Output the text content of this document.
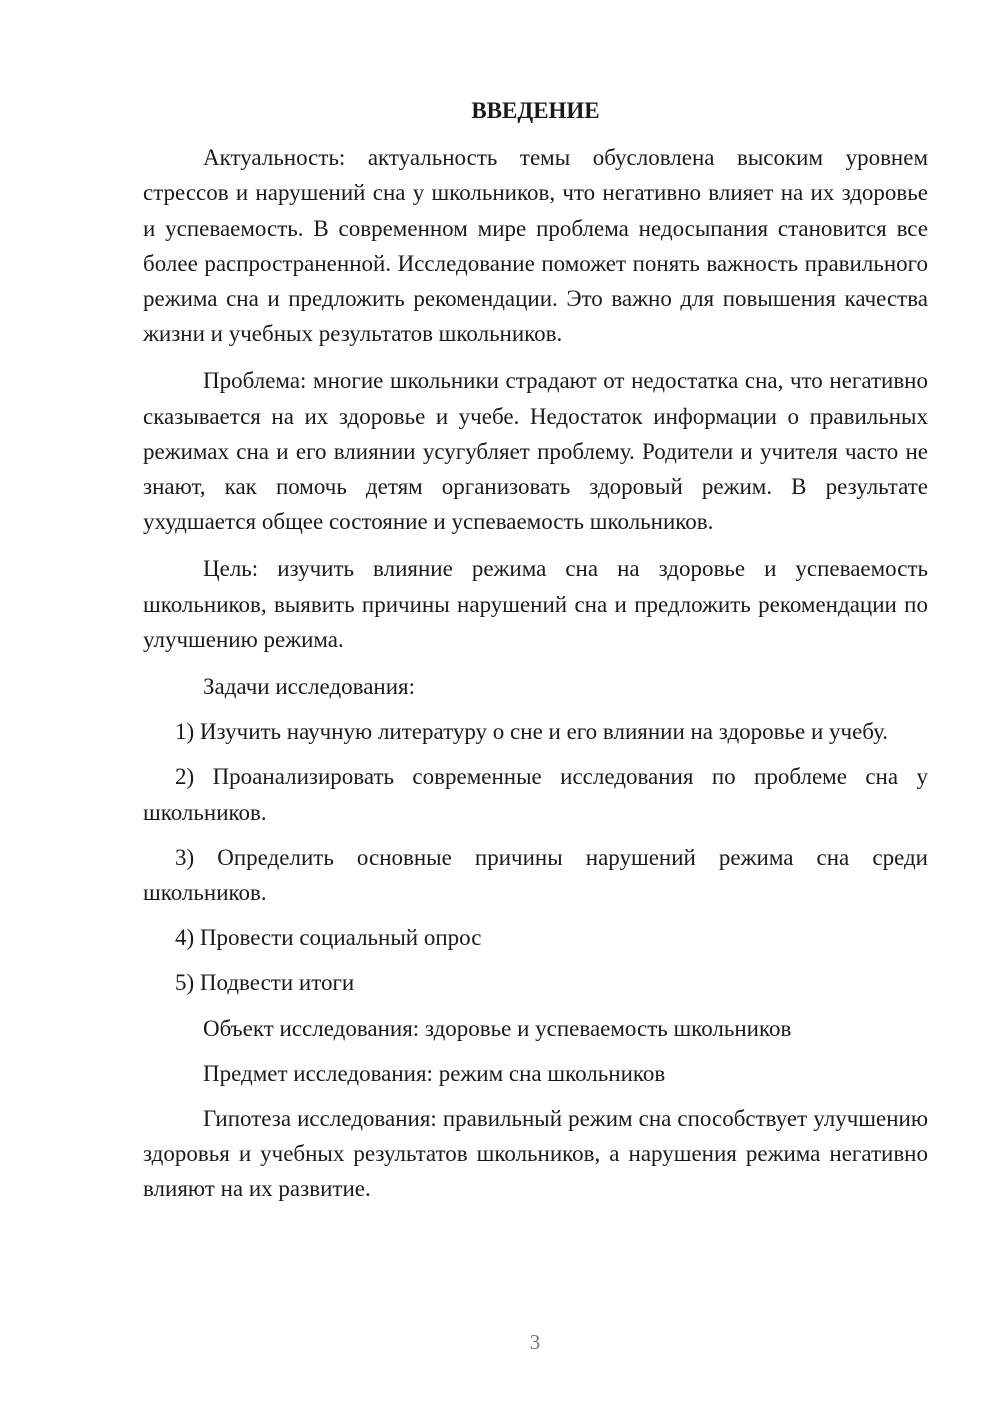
ВВЕДЕНИЕ

Актуальность: актуальность темы обусловлена высоким уровнем стрессов и нарушений сна у школьников, что негативно влияет на их здоровье и успеваемость. В современном мире проблема недосыпания становится все более распространенной. Исследование поможет понять важность правильного режима сна и предложить рекомендации. Это важно для повышения качества жизни и учебных результатов школьников.

Проблема: многие школьники страдают от недостатка сна, что негативно сказывается на их здоровье и учебе. Недостаток информации о правильных режимах сна и его влиянии усугубляет проблему. Родители и учителя часто не знают, как помочь детям организовать здоровый режим. В результате ухудшается общее состояние и успеваемость школьников.

Цель: изучить влияние режима сна на здоровье и успеваемость школьников, выявить причины нарушений сна и предложить рекомендации по улучшению режима.

Задачи исследования:

1) Изучить научную литературу о сне и его влиянии на здоровье и учебу.

2) Проанализировать современные исследования по проблеме сна у школьников.

3) Определить основные причины нарушений режима сна среди школьников.

4) Провести социальный опрос

5) Подвести итоги

Объект исследования: здоровье и успеваемость школьников

Предмет исследования: режим сна школьников

Гипотеза исследования: правильный режим сна способствует улучшению здоровья и учебных результатов школьников, а нарушения режима негативно влияют на их развитие.

3
